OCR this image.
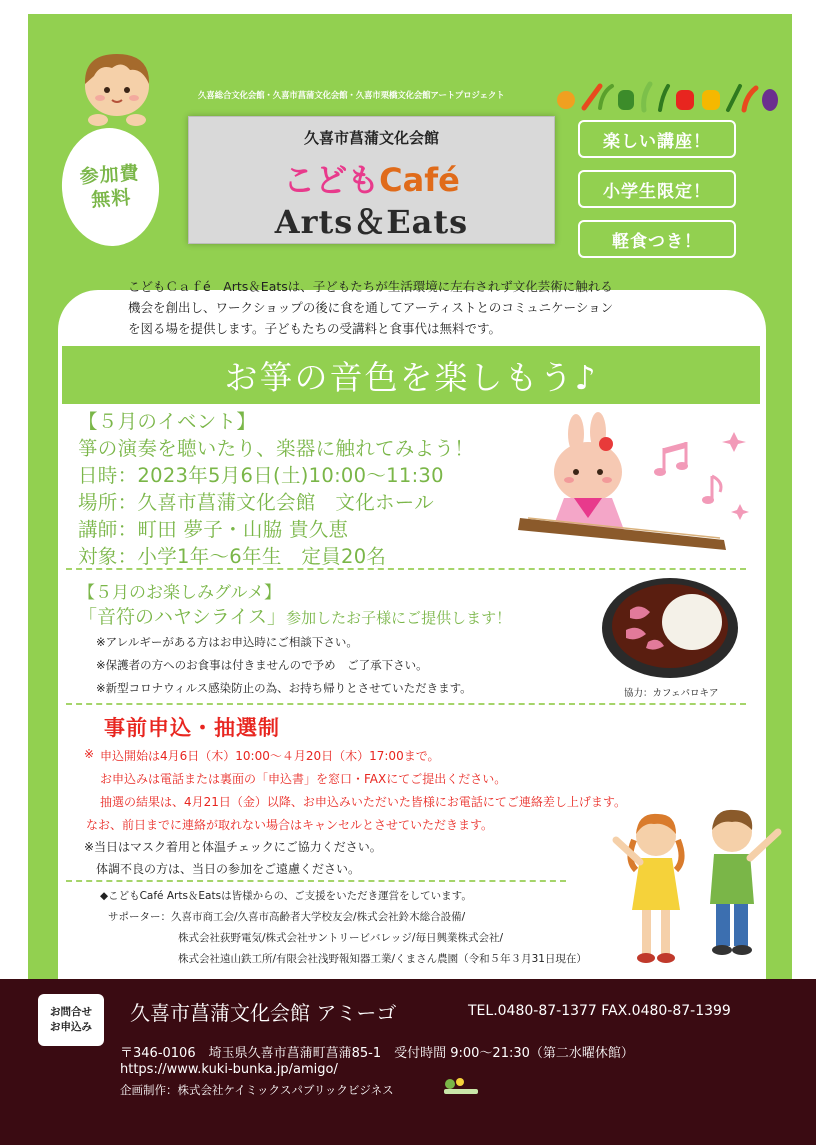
久喜総合文化会館・久喜市菖蒲文化会館・久喜市栗橋文化会館アートプロジェクト
参加費
無料
久喜市菖蒲文化会館
こどもCafé
Arts＆Eats
楽しい講座！
小学生限定！
軽食つき！
こどもＣａｆé　Arts＆Eatsは、子どもたちが生活環境に左右されず文化芸術に触れる
機会を創出し、ワークショップの後に食を通してアーティストとのコミュニケーション
を図る場を提供します。子どもたちの受講料と食事代は無料です。
お箏の音色を楽しもう♪
【５月のイベント】
箏の演奏を聴いたり、楽器に触れてみよう！
日時：2023年5月6日(土)10:00～11:30
場所：久喜市菖蒲文化会館　文化ホール
講師：町田 夢子・山脇 貴久恵
対象：小学1年～6年生　定員20名
【５月のお楽しみグルメ】
「音符のハヤシライス」参加したお子様にご提供します！
※アレルギーがある方はお申込時にご相談下さい。
※保護者の方へのお食事は付きませんので予め　ご了承下さい。
※新型コロナウィルス感染防止の為、お持ち帰りとさせていただきます。	協力：カフェパロキア
事前申込・抽選制
※ 申込開始は4月6日（木）10:00～４月20日（木）17:00まで。
お申込みは電話または裏面の「申込書」を窓口・FAXにてご提出ください。
抽選の結果は、4月21日（金）以降、お申込みいただいた皆様にお電話にてご連絡差し上げます。
なお、前日までに連絡が取れない場合はキャンセルとさせていただきます。
※当日はマスク着用と体温チェックにご協力ください。
体調不良の方は、当日の参加をご遠慮ください。
◆こどもCafé Arts＆Eatsは皆様からの、ご支援をいただき運営をしています。
サポーター：久喜市商工会/久喜市高齢者大学校友会/株式会社鈴木総合設備/
株式会社荻野電気/株式会社サントリービバレッジ/毎日興業株式会社/
株式会社遠山鉄工所/有限会社浅野報知器工業/くまさん農園（令和５年３月31日現在）
お問合せ
お申込み
久喜市菖蒲文化会館 アミーゴ	TEL.0480-87-1377 FAX.0480-87-1399
〒346-0106　埼玉県久喜市菖蒲町菖蒲85-1　受付時間 9:00～21:30（第二水曜休館）
https://www.kuki-bunka.jp/amigo/
企画制作：株式会社ケイミックスパブリックビジネス
